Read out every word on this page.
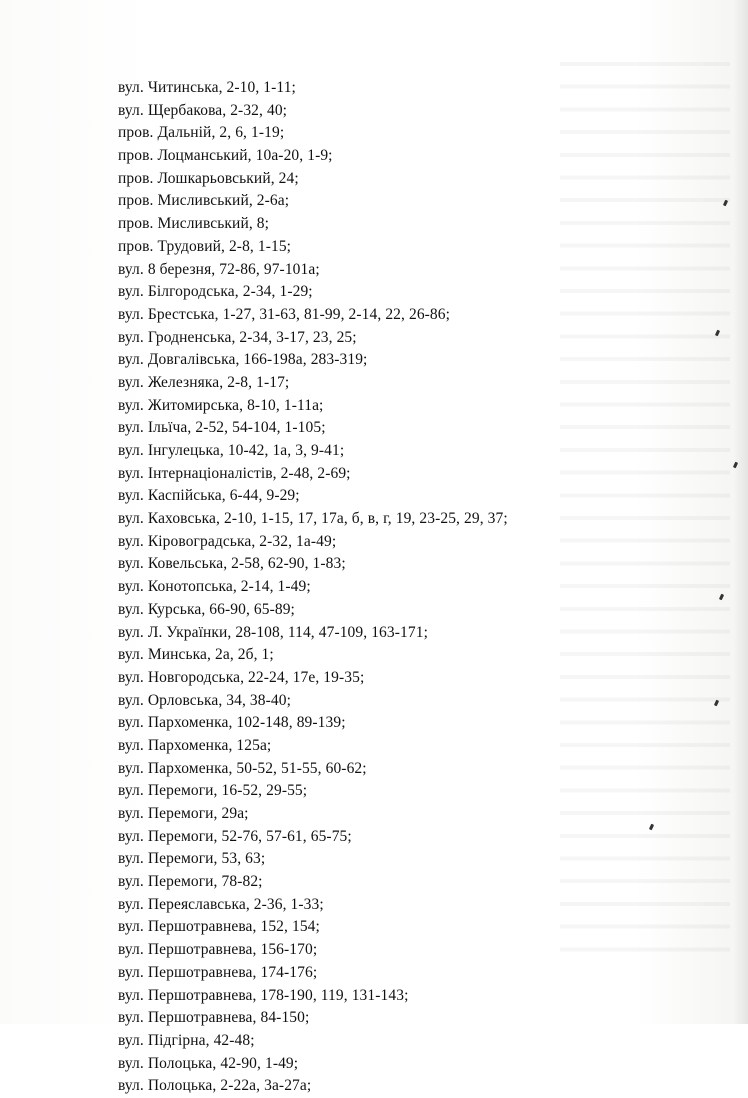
вул. Читинська, 2-10, 1-11;
вул. Щербакова, 2-32, 40;
пров. Дальній, 2, 6, 1-19;
пров. Лоцманський, 10а-20, 1-9;
пров. Лошкарьовський, 24;
пров. Мисливський, 2-6а;
пров. Мисливський, 8;
пров. Трудовий, 2-8, 1-15;
вул. 8 березня, 72-86, 97-101а;
вул. Білгородська, 2-34, 1-29;
вул. Брестська, 1-27, 31-63, 81-99, 2-14, 22, 26-86;
вул. Гродненська, 2-34, 3-17, 23, 25;
вул. Довгалівська, 166-198а, 283-319;
вул. Железняка, 2-8, 1-17;
вул. Житомирська, 8-10, 1-11а;
вул. Ільїча, 2-52, 54-104, 1-105;
вул. Інгулецька, 10-42, 1а, 3, 9-41;
вул. Інтернаціоналістів, 2-48, 2-69;
вул. Каспійська, 6-44, 9-29;
вул. Каховська, 2-10, 1-15, 17, 17а, б, в, г, 19, 23-25, 29, 37;
вул. Кіровоградська, 2-32, 1а-49;
вул. Ковельська, 2-58, 62-90, 1-83;
вул. Конотопська, 2-14, 1-49;
вул. Курська, 66-90, 65-89;
вул. Л. Українки, 28-108, 114, 47-109, 163-171;
вул. Минська, 2а, 2б, 1;
вул. Новгородська, 22-24, 17е, 19-35;
вул. Орловська, 34, 38-40;
вул. Пархоменка, 102-148, 89-139;
вул. Пархоменка, 125а;
вул. Пархоменка, 50-52, 51-55, 60-62;
вул. Перемоги, 16-52, 29-55;
вул. Перемоги, 29а;
вул. Перемоги, 52-76, 57-61, 65-75;
вул. Перемоги, 53, 63;
вул. Перемоги, 78-82;
вул. Переяславська, 2-36, 1-33;
вул. Першотравнева, 152, 154;
вул. Першотравнева, 156-170;
вул. Першотравнева, 174-176;
вул. Першотравнева, 178-190, 119, 131-143;
вул. Першотравнева, 84-150;
вул. Підгірна, 42-48;
вул. Полоцька, 42-90, 1-49;
вул. Полоцька, 2-22а, 3а-27а;
